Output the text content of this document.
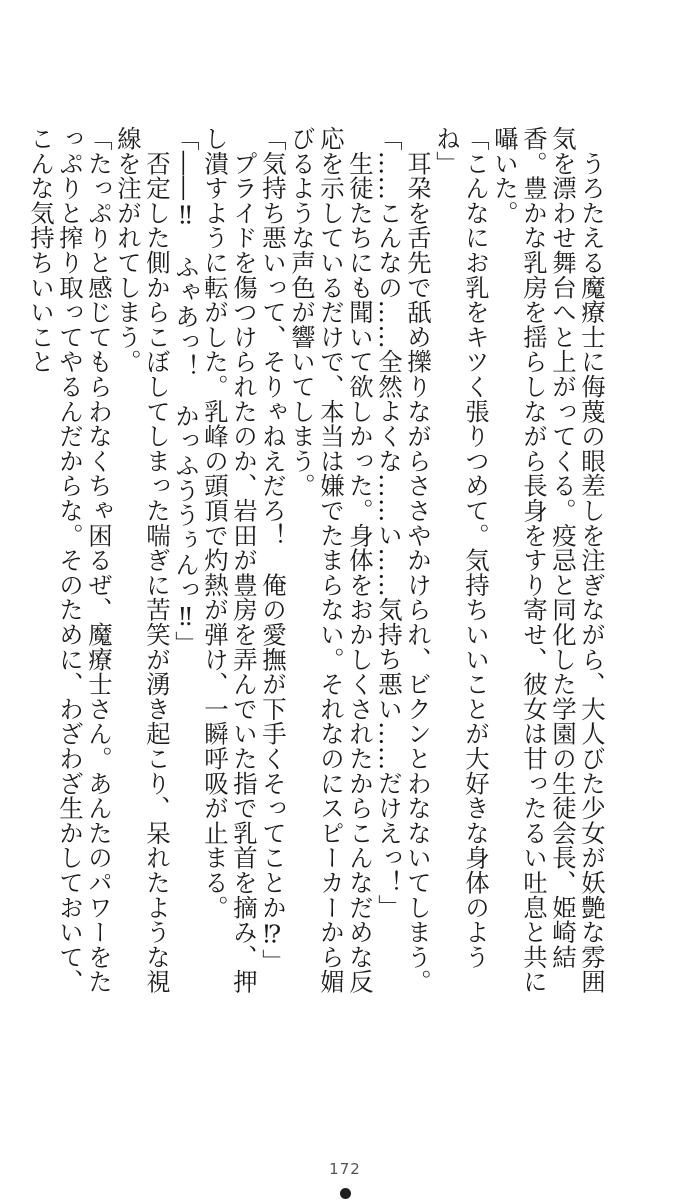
　うろたえる魔療士に侮蔑の眼差しを注ぎながら、大人びた少女が妖艶な雰囲気を漂わせ舞台へと上がってくる。疫忌と同化した学園の生徒会長、姫崎結香。豊かな乳房を揺らしながら長身をすり寄せ、彼女は甘ったるい吐息と共に囁いた。

「こんなにお乳をキツく張りつめて。気持ちいいことが大好きな身体のようね」

　耳朶を舌先で舐め擽りながらささやかけられ、ビクンとわなないてしまう。

「……こんなの……全然よくな……い……気持ち悪い……だけえっ！」

　生徒たちにも聞いて欲しかった。身体をおかしくされたからこんなだめな反応を示しているだけで、本当は嫌でたまらない。それなのにスピーカーから媚びるような声色が響いてしまう。

「気持ち悪いって、そりゃねえだろ！　俺の愛撫が下手くそってことか⁉」

　プライドを傷つけられたのか、岩田が豊房を弄んでいた指で乳首を摘み、押し潰すように転がした。乳峰の頭頂で灼熱が弾け、一瞬呼吸が止まる。

「――‼　ふゃあっ！　かっふううぅんっ‼」

　否定した側からこぼしてしまった喘ぎに苦笑が湧き起こり、呆れたような視線を注がれてしまう。

「たっぷりと感じてもらわなくちゃ困るぜ、魔療士さん。あんたのパワーをたっぷりと搾り取ってやるんだからな。そのために、わざわざ生かしておいて、こんな気持ちいいこと

172
